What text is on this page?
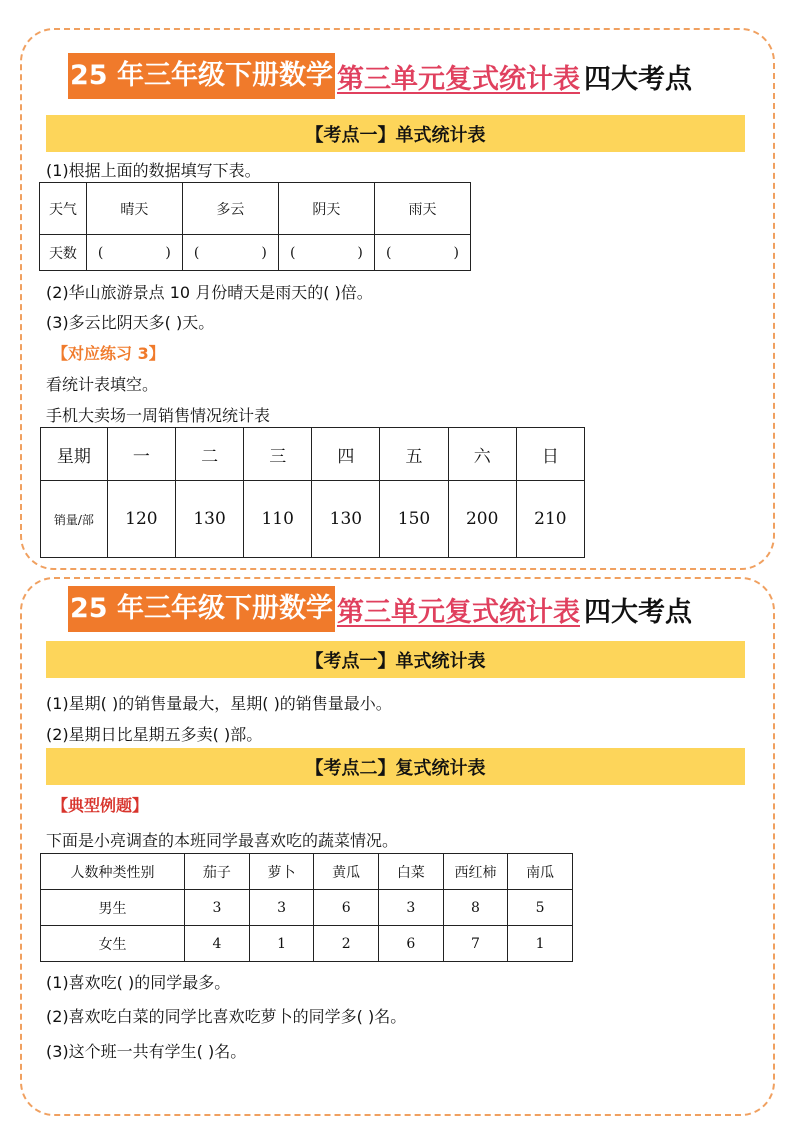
25 年三年级下册数学 第三单元复式统计表 四大考点
【考点一】单式统计表
(1)根据上面的数据填写下表。
天气	晴天	多云	阴天	雨天
天数	( )	( )	( )	( )
(2)华山旅游景点 10 月份晴天是雨天的( )倍。
(3)多云比阴天多( )天。
【对应练习 3】
看统计表填空。
手机大卖场一周销售情况统计表
星期	一	二	三	四	五	六	日
销量/部	120	130	110	130	150	200	210
25 年三年级下册数学 第三单元复式统计表 四大考点
【考点一】单式统计表
(1)星期( )的销售量最大，星期( )的销售量最小。
(2)星期日比星期五多卖( )部。
【考点二】复式统计表
【典型例题】
下面是小亮调查的本班同学最喜欢吃的蔬菜情况。
人数种类性别	茄子	萝卜	黄瓜	白菜	西红柿	南瓜
男生	3	3	6	3	8	5
女生	4	1	2	6	7	1
(1)喜欢吃( )的同学最多。
(2)喜欢吃白菜的同学比喜欢吃萝卜的同学多( )名。
(3)这个班一共有学生( )名。
